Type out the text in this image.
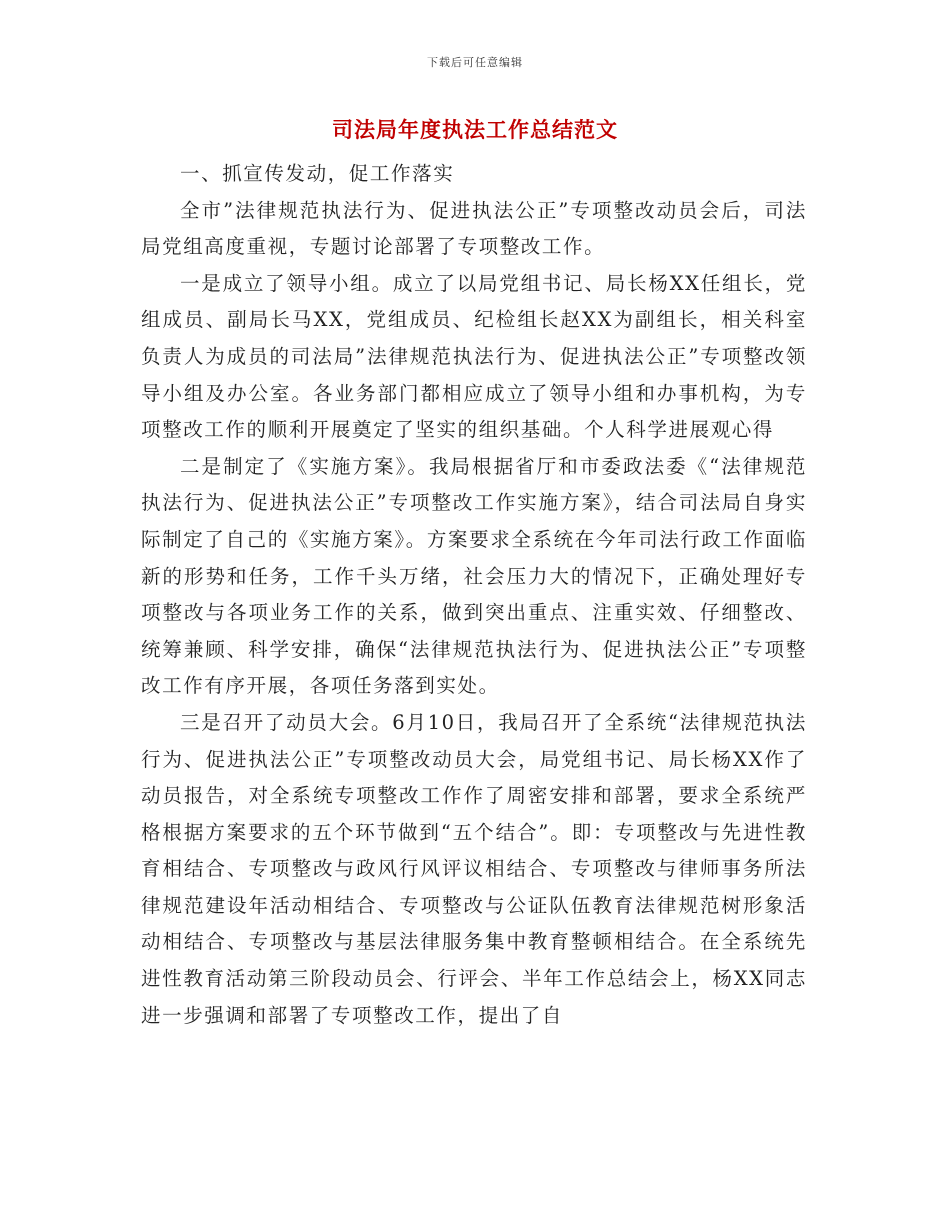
下载后可任意编辑
司法局年度执法工作总结范文

一、抓宣传发动，促工作落实

全市”法律规范执法行为、促进执法公正”专项整改动员会后，司法局党组高度重视，专题讨论部署了专项整改工作。

一是成立了领导小组。成立了以局党组书记、局长杨XX任组长，党组成员、副局长马XX，党组成员、纪检组长赵XX为副组长，相关科室负责人为成员的司法局”法律规范执法行为、促进执法公正”专项整改领导小组及办公室。各业务部门都相应成立了领导小组和办事机构，为专项整改工作的顺利开展奠定了坚实的组织基础。个人科学进展观心得

二是制定了《实施方案》。我局根据省厅和市委政法委《“法律规范执法行为、促进执法公正”专项整改工作实施方案》，结合司法局自身实际制定了自己的《实施方案》。方案要求全系统在今年司法行政工作面临新的形势和任务，工作千头万绪，社会压力大的情况下，正确处理好专项整改与各项业务工作的关系，做到突出重点、注重实效、仔细整改、统筹兼顾、科学安排，确保“法律规范执法行为、促进执法公正”专项整改工作有序开展，各项任务落到实处。

三是召开了动员大会。6月10日，我局召开了全系统“法律规范执法行为、促进执法公正”专项整改动员大会，局党组书记、局长杨XX作了动员报告，对全系统专项整改工作作了周密安排和部署，要求全系统严格根据方案要求的五个环节做到“五个结合”。即：专项整改与先进性教育相结合、专项整改与政风行风评议相结合、专项整改与律师事务所法律规范建设年活动相结合、专项整改与公证队伍教育法律规范树形象活动相结合、专项整改与基层法律服务集中教育整顿相结合。在全系统先进性教育活动第三阶段动员会、行评会、半年工作总结会上，杨XX同志进一步强调和部署了专项整改工作，提出了自
